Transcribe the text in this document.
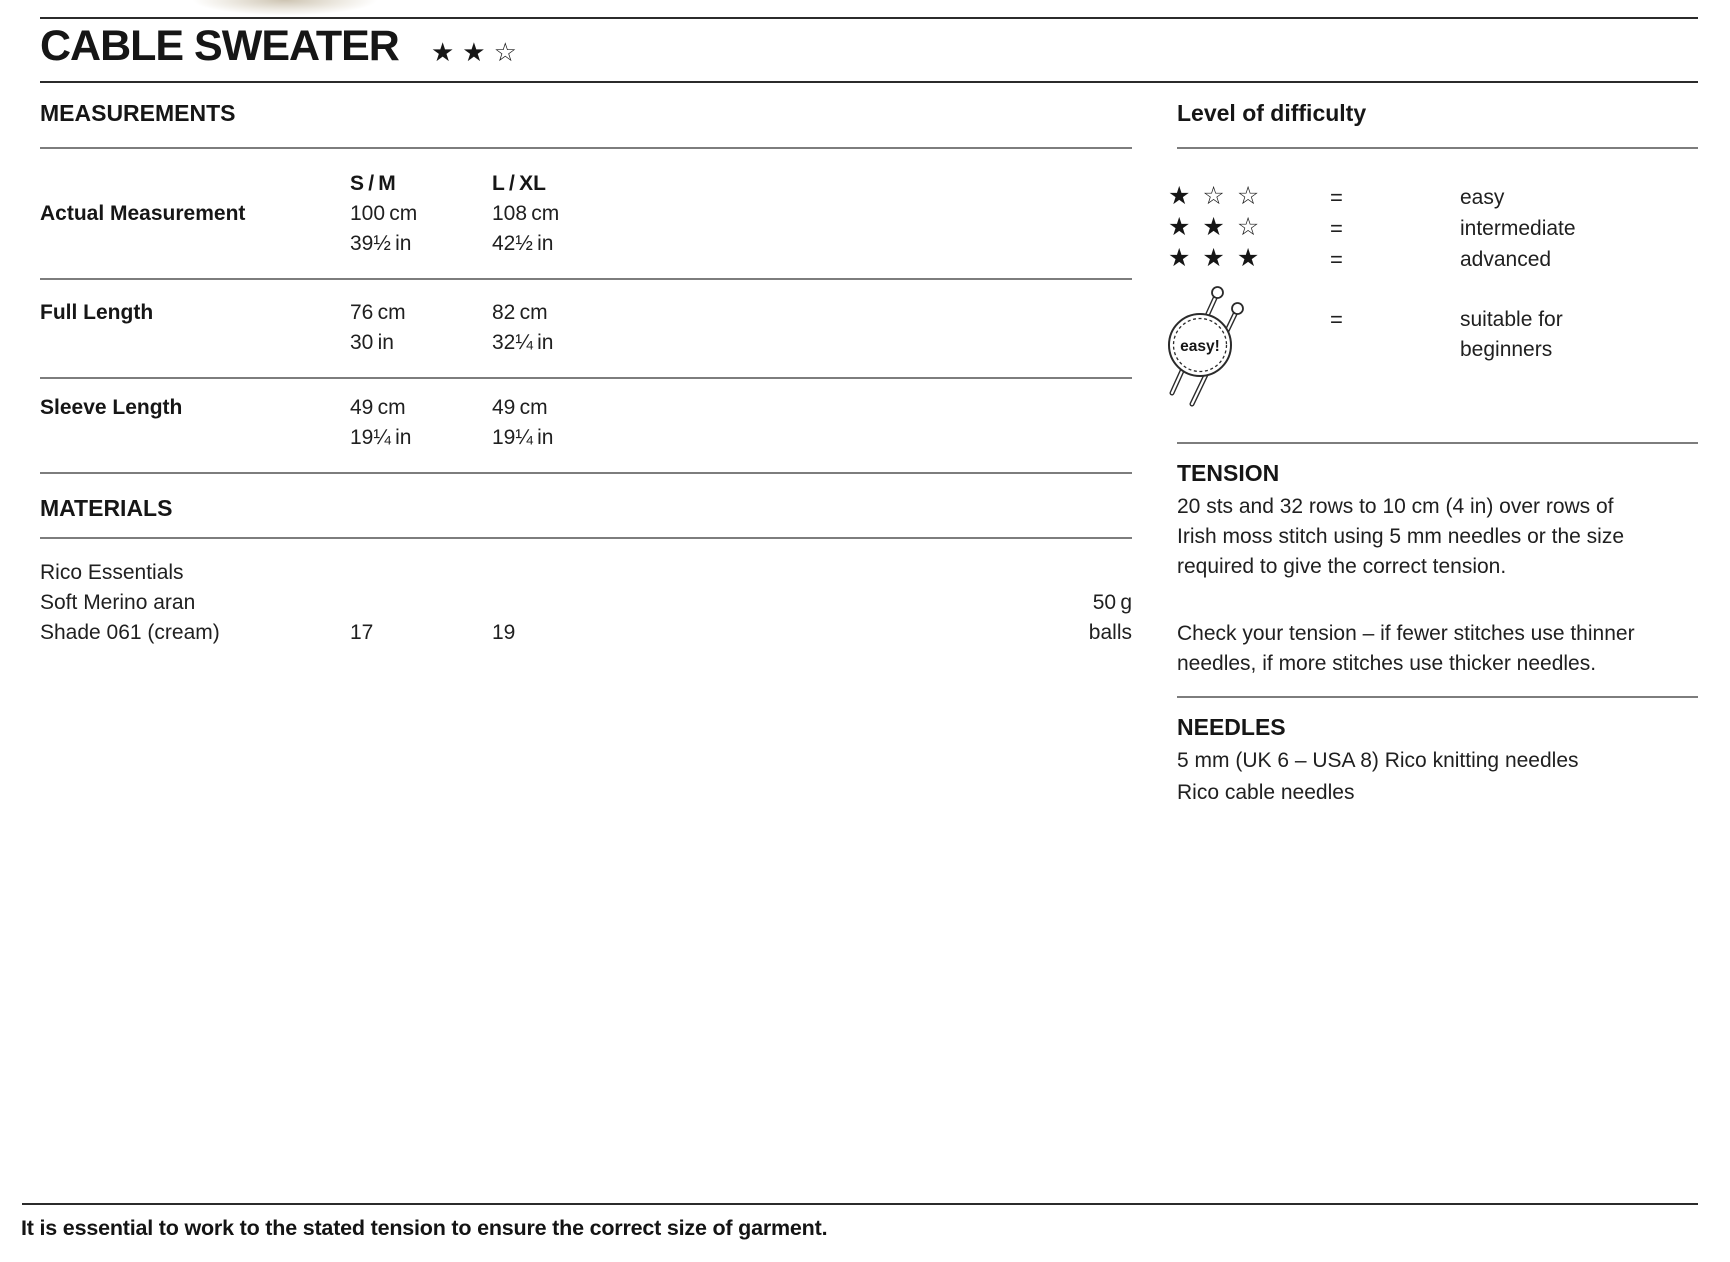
CABLE SWEATER ★★☆
MEASUREMENTS
S / M	L / XL
Actual Measurement	100 cm	108 cm
39½ in	42½ in
Full Length	76 cm	82 cm
30 in	32¼ in
Sleeve Length	49 cm	49 cm
19¼ in	19¼ in
MATERIALS
Rico Essentials
Soft Merino aran	50 g
Shade 061 (cream)	17	19	balls
Level of difficulty
★☆☆	=	easy
★★☆	=	intermediate
★★★	=	advanced
easy!
=	suitable for
beginners
TENSION
20 sts and 32 rows to 10 cm (4 in) over rows of
Irish moss stitch using 5 mm needles or the size
required to give the correct tension.
Check your tension – if fewer stitches use thinner
needles, if more stitches use thicker needles.
NEEDLES
5 mm (UK 6 – USA 8) Rico knitting needles
Rico cable needles
It is essential to work to the stated tension to ensure the correct size of garment.
